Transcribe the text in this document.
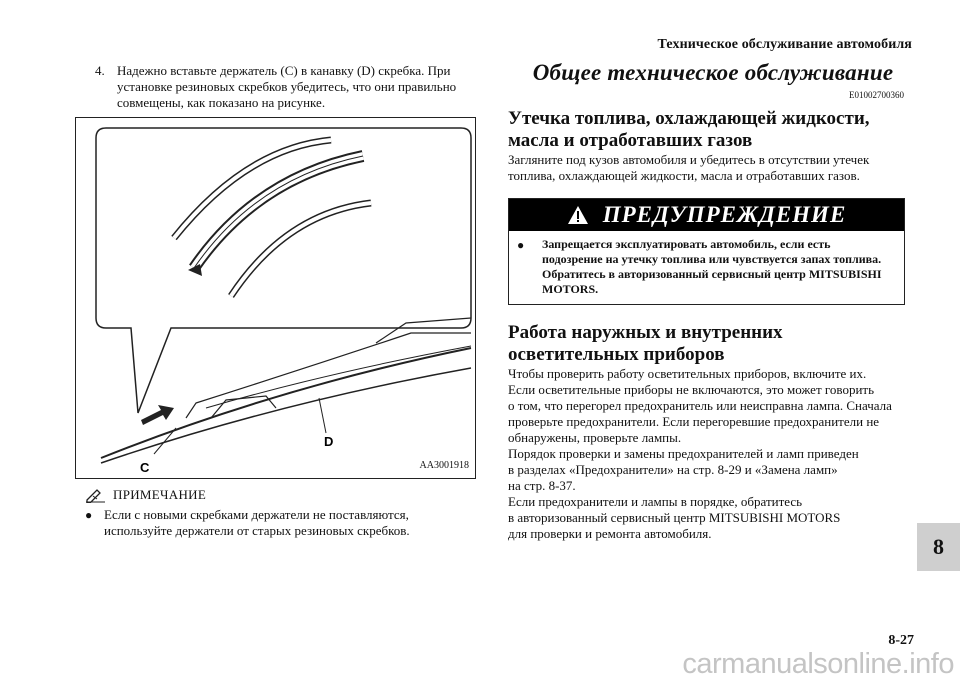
Техническое обслуживание автомобиля
4. Надежно вставьте держатель (C) в канавку (D) скребка. При установке резиновых скребков убедитесь, что они правильно совмещены, как показано на рисунке.
C
D
AA3001918
ПРИМЕЧАНИЕ
● Если с новыми скребками держатели не поставляются, используйте держатели от старых резиновых скребков.
Общее техническое обслуживание
E01002700360
Утечка топлива, охлаждающей жидкости, масла и отработавших газов
Загляните под кузов автомобиля и убедитесь в отсутствии утечек топлива, охлаждающей жидкости, масла и отработавших газов.
ПРЕДУПРЕЖДЕНИЕ
●	Запрещается эксплуатировать автомобиль, если есть подозрение на утечку топлива или чувствуется запах топлива. Обратитесь в авторизованный сервисный центр MITSUBISHI MOTORS.
Работа наружных и внутренних осветительных приборов
Чтобы проверить работу осветительных приборов, включите их.
Если осветительные приборы не включаются, это может говорить
о том, что перегорел предохранитель или неисправна лампа. Сначала
проверьте предохранители. Если перегоревшие предохранители не
обнаружены, проверьте лампы.
Порядок проверки и замены предохранителей и ламп приведен
в разделах «Предохранители» на стр. 8-29 и «Замена ламп»
на стр. 8-37.
Если предохранители и лампы в порядке, обратитесь
в авторизованный сервисный центр MITSUBISHI MOTORS
для проверки и ремонта автомобиля.
8
8-27
carmanualsonline.info
